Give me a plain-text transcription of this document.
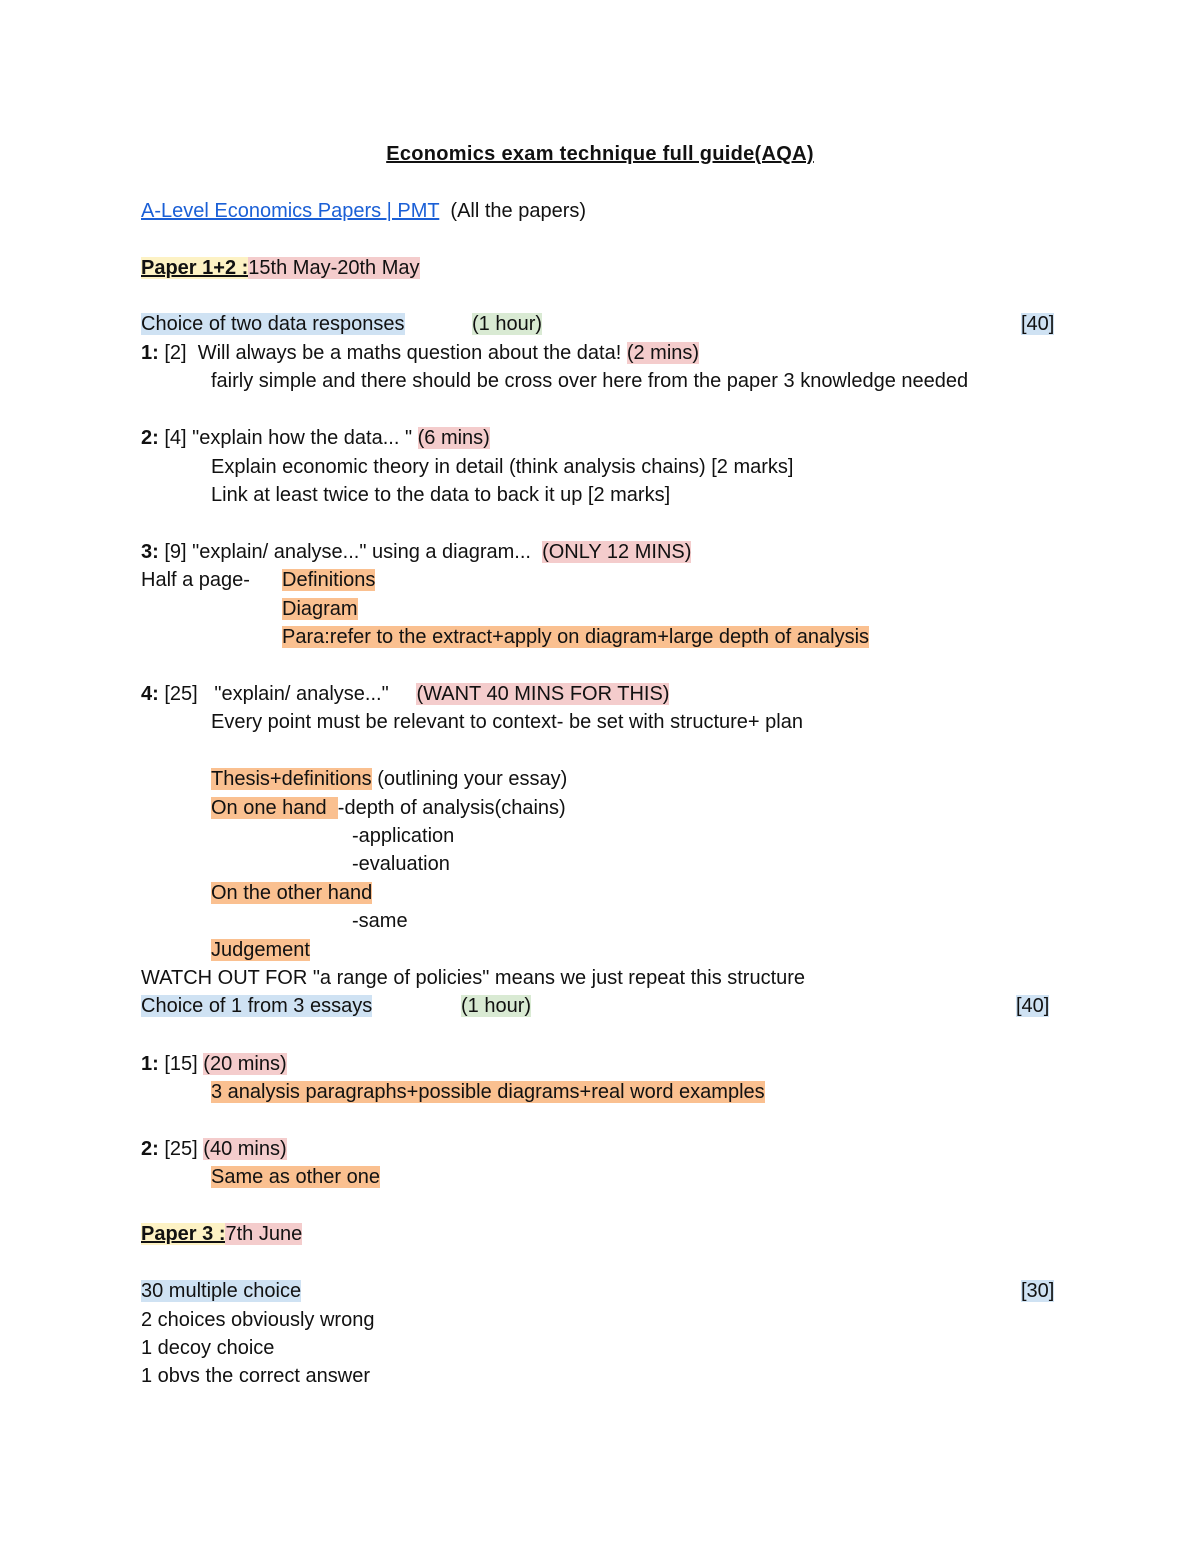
Economics exam technique full guide(AQA)
A-Level Economics Papers | PMT (All the papers)
Paper 1+2 :15th May-20th May
Choice of two data responses	(1 hour)	[40]
1: [2]  Will always be a maths question about the data! (2 mins)
fairly simple and there should be cross over here from the paper 3 knowledge needed
2: [4] "explain how the data... " (6 mins)
Explain economic theory in detail (think analysis chains) [2 marks]
Link at least twice to the data to back it up [2 marks]
3: [9] "explain/ analyse..." using a diagram...  (ONLY 12 MINS)
Half a page- Definitions
Diagram
Para:refer to the extract+apply on diagram+large depth of analysis
4: [25]   "explain/ analyse..."     (WANT 40 MINS FOR THIS)
Every point must be relevant to context- be set with structure+ plan
Thesis+definitions (outlining your essay)
On one hand  -depth of analysis(chains)
-application
-evaluation
On the other hand
-same
Judgement
WATCH OUT FOR "a range of policies" means we just repeat this structure
Choice of 1 from 3 essays	(1 hour)	[40]
1: [15] (20 mins)
3 analysis paragraphs+possible diagrams+real word examples
2: [25] (40 mins)
Same as other one
Paper 3 :7th June
30 multiple choice	[30]
2 choices obviously wrong
1 decoy choice
1 obvs the correct answer
